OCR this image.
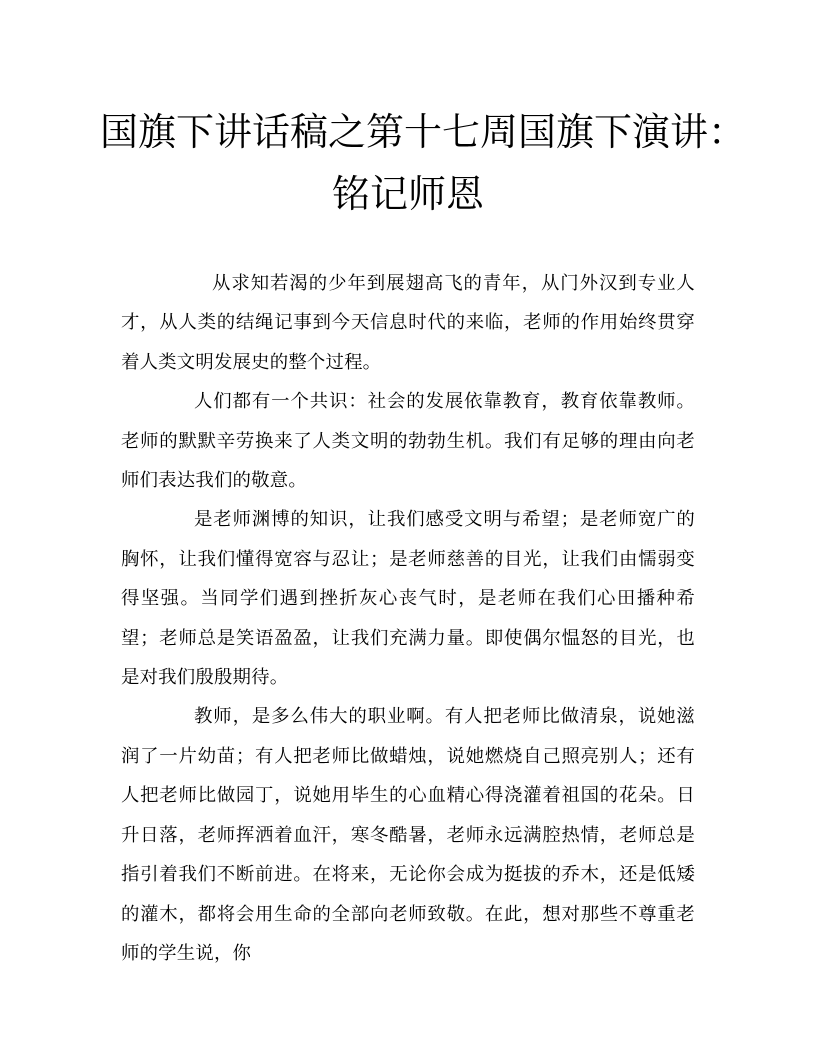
国旗下讲话稿之第十七周国旗下演讲：
铭记师恩

从求知若渴的少年到展翅高飞的青年，从门外汉到专业人才，从人类的结绳记事到今天信息时代的来临，老师的作用始终贯穿着人类文明发展史的整个过程。

人们都有一个共识：社会的发展依靠教育，教育依靠教师。老师的默默辛劳换来了人类文明的勃勃生机。我们有足够的理由向老师们表达我们的敬意。

是老师渊博的知识，让我们感受文明与希望；是老师宽广的胸怀，让我们懂得宽容与忍让；是老师慈善的目光，让我们由懦弱变得坚强。当同学们遇到挫折灰心丧气时，是老师在我们心田播种希望；老师总是笑语盈盈，让我们充满力量。即使偶尔愠怒的目光，也是对我们殷殷期待。

教师，是多么伟大的职业啊。有人把老师比做清泉，说她滋润了一片幼苗；有人把老师比做蜡烛，说她燃烧自己照亮别人；还有人把老师比做园丁，说她用毕生的心血精心得浇灌着祖国的花朵。日升日落，老师挥洒着血汗，寒冬酷暑，老师永远满腔热情，老师总是指引着我们不断前进。在将来，无论你会成为挺拔的乔木，还是低矮的灌木，都将会用生命的全部向老师致敬。在此，想对那些不尊重老师的学生说，你
